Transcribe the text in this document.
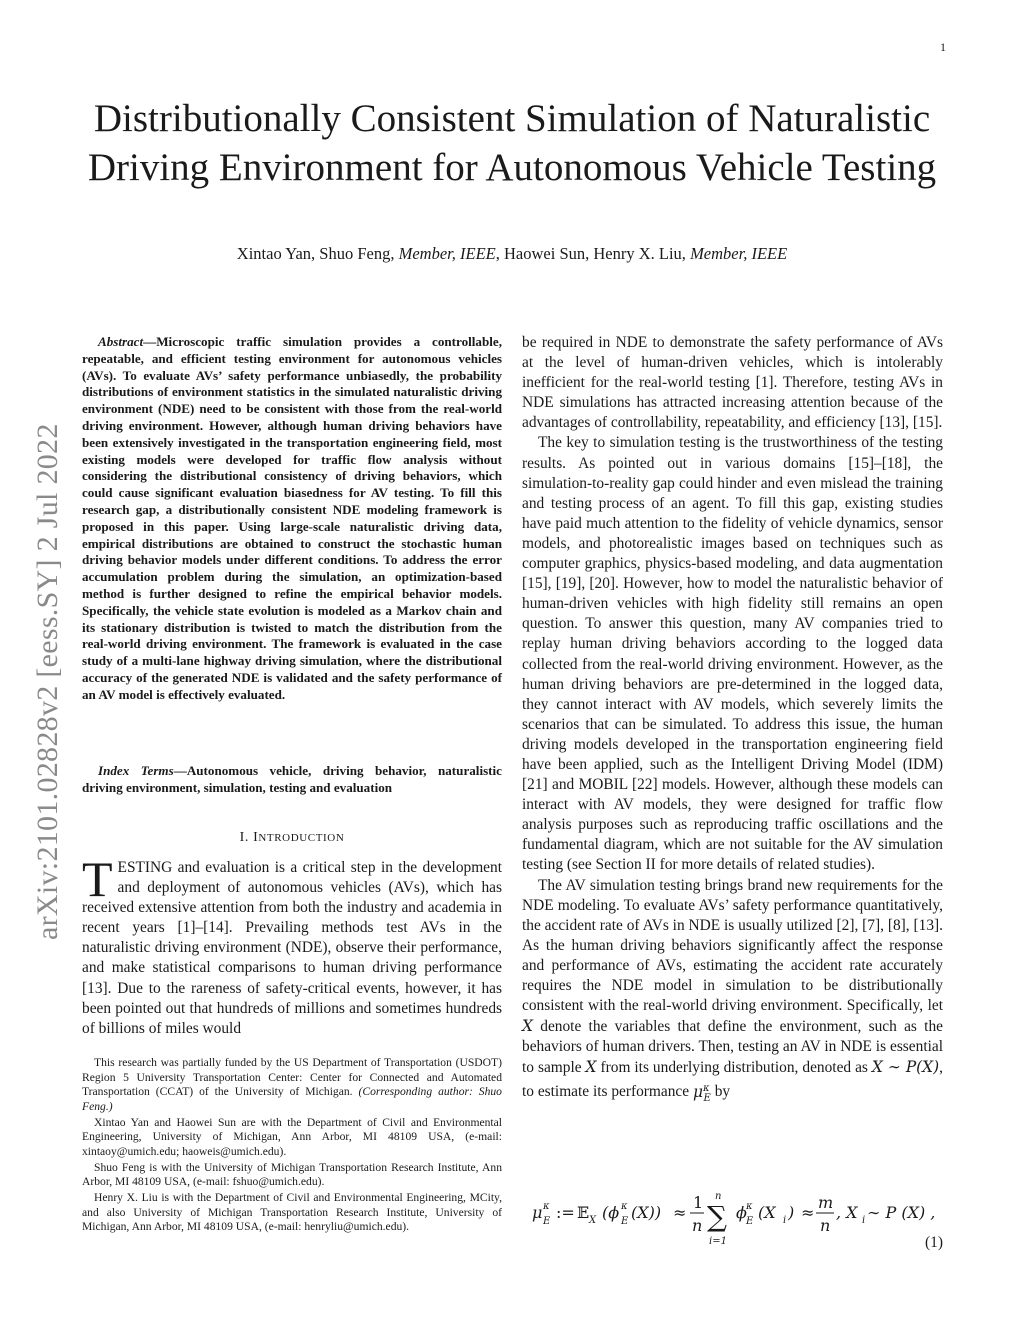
1
arXiv:2101.02828v2 [eess.SY] 2 Jul 2022
Distributionally Consistent Simulation of Naturalistic Driving Environment for Autonomous Vehicle Testing
Xintao Yan, Shuo Feng, Member, IEEE, Haowei Sun, Henry X. Liu, Member, IEEE

Abstract—Microscopic traffic simulation provides a controllable, repeatable, and efficient testing environment for autonomous vehicles (AVs). To evaluate AVs’ safety performance unbiasedly, the probability distributions of environment statistics in the simulated naturalistic driving environment (NDE) need to be consistent with those from the real-world driving environment. However, although human driving behaviors have been extensively investigated in the transportation engineering field, most existing models were developed for traffic flow analysis without considering the distributional consistency of driving behaviors, which could cause significant evaluation biasedness for AV testing. To fill this research gap, a distributionally consistent NDE modeling framework is proposed in this paper. Using large-scale naturalistic driving data, empirical distributions are obtained to construct the stochastic human driving behavior models under different conditions. To address the error accumulation problem during the simulation, an optimization-based method is further designed to refine the empirical behavior models. Specifically, the vehicle state evolution is modeled as a Markov chain and its stationary distribution is twisted to match the distribution from the real-world driving environment. The framework is evaluated in the case study of a multi-lane highway driving simulation, where the distributional accuracy of the generated NDE is validated and the safety performance of an AV model is effectively evaluated.

Index Terms—Autonomous vehicle, driving behavior, naturalistic driving environment, simulation, testing and evaluation

I. INTRODUCTION

TESTING and evaluation is a critical step in the development and deployment of autonomous vehicles (AVs), which has received extensive attention from both the industry and academia in recent years [1]–[14]. Prevailing methods test AVs in the naturalistic driving environment (NDE), observe their performance, and make statistical comparisons to human driving performance [13]. Due to the rareness of safety-critical events, however, it has been pointed out that hundreds of millions and sometimes hundreds of billions of miles would

This research was partially funded by the US Department of Transportation (USDOT) Region 5 University Transportation Center: Center for Connected and Automated Transportation (CCAT) of the University of Michigan. (Corresponding author: Shuo Feng.)

Xintao Yan and Haowei Sun are with the Department of Civil and Environmental Engineering, University of Michigan, Ann Arbor, MI 48109 USA, (e-mail: xintaoy@umich.edu; haoweis@umich.edu).

Shuo Feng is with the University of Michigan Transportation Research Institute, Ann Arbor, MI 48109 USA, (e-mail: fshuo@umich.edu).

Henry X. Liu is with the Department of Civil and Environmental Engineering, MCity, and also University of Michigan Transportation Research Institute, University of Michigan, Ann Arbor, MI 48109 USA, (e-mail: henryliu@umich.edu).

be required in NDE to demonstrate the safety performance of AVs at the level of human-driven vehicles, which is intolerably inefficient for the real-world testing [1]. Therefore, testing AVs in NDE simulations has attracted increasing attention because of the advantages of controllability, repeatability, and efficiency [13], [15].

The key to simulation testing is the trustworthiness of the testing results. As pointed out in various domains [15]–[18], the simulation-to-reality gap could hinder and even mislead the training and testing process of an agent. To fill this gap, existing studies have paid much attention to the fidelity of vehicle dynamics, sensor models, and photorealistic images based on techniques such as computer graphics, physics-based modeling, and data augmentation [15], [19], [20]. However, how to model the naturalistic behavior of human-driven vehicles with high fidelity still remains an open question. To answer this question, many AV companies tried to replay human driving behaviors according to the logged data collected from the real-world driving environment. However, as the human driving behaviors are pre-determined in the logged data, they cannot interact with AV models, which severely limits the scenarios that can be simulated. To address this issue, the human driving models developed in the transportation engineering field have been applied, such as the Intelligent Driving Model (IDM) [21] and MOBIL [22] models. However, although these models can interact with AV models, they were designed for traffic flow analysis purposes such as reproducing traffic oscillations and the fundamental diagram, which are not suitable for the AV simulation testing (see Section II for more details of related studies).

The AV simulation testing brings brand new requirements for the NDE modeling. To evaluate AVs’ safety performance quantitatively, the accident rate of AVs in NDE is usually utilized [2], [7], [8], [13]. As the human driving behaviors significantly affect the response and performance of AVs, estimating the accident rate accurately requires the NDE model in simulation to be distributionally consistent with the real-world driving environment. Specifically, let X denote the variables that define the environment, such as the behaviors of human drivers. Then, testing an AV in NDE is essential to sample X from its underlying distribution, denoted as X ∼ P(X), to estimate its performance $\mu^\kappa_E$ by

μ κ
E := 𝔼 X (ϕ κ
E (X)) ≈
1
n
n
∑
i=1
ϕ κ
E (X i ) ≈
m
n
, X i ∼ P (X) ,
(1)
